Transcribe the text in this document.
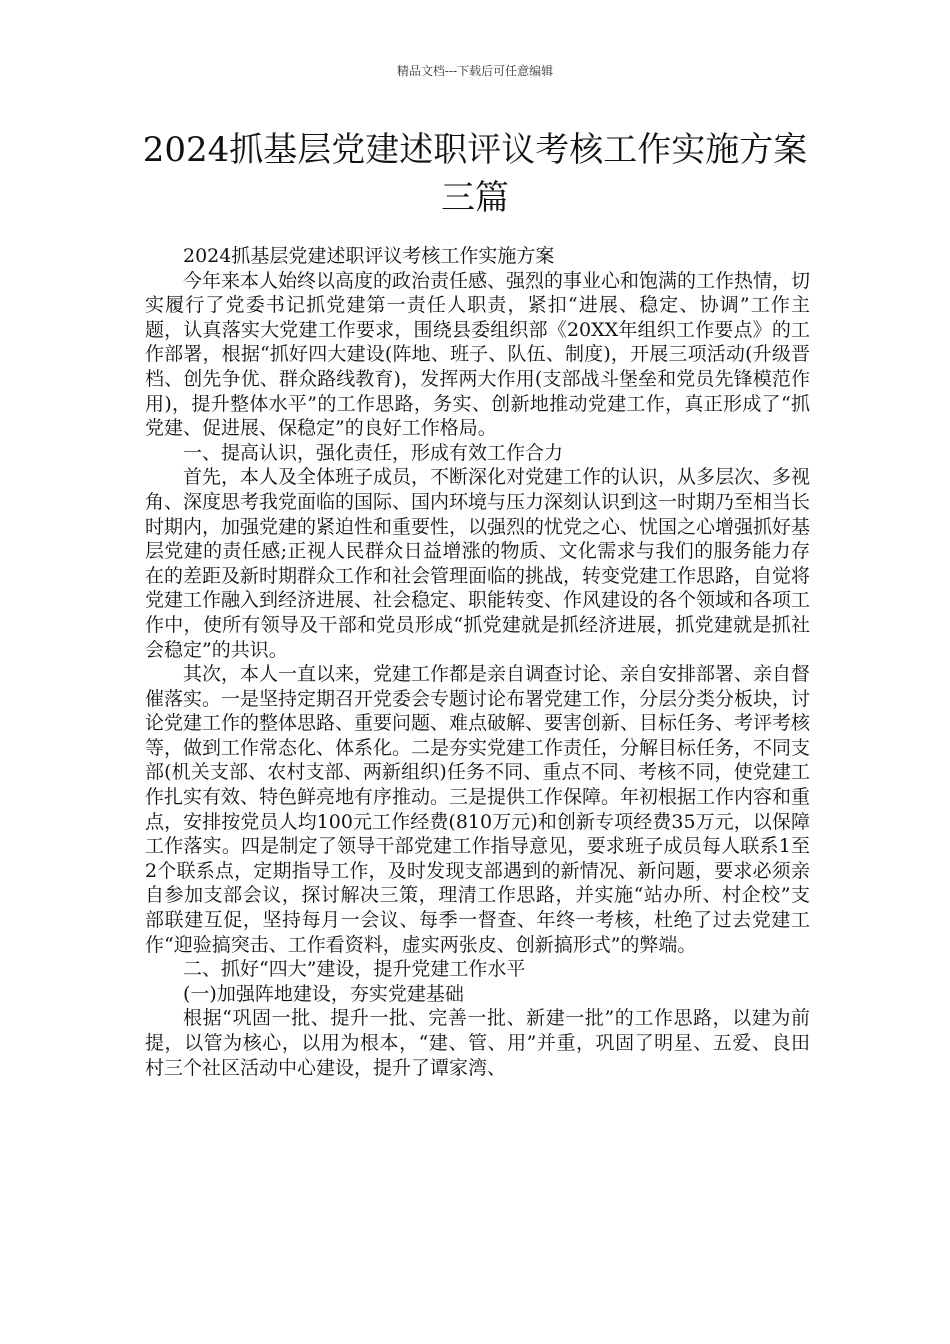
精品文档---下载后可任意编辑
2024抓基层党建述职评议考核工作实施方案三篇

2024抓基层党建述职评议考核工作实施方案

今年来本人始终以高度的政治责任感、强烈的事业心和饱满的工作热情，切实履行了党委书记抓党建第一责任人职责，紧扣“进展、稳定、协调”工作主题，认真落实大党建工作要求，围绕县委组织部《20XX年组织工作要点》的工作部署，根据“抓好四大建设(阵地、班子、队伍、制度)，开展三项活动(升级晋档、创先争优、群众路线教育)，发挥两大作用(支部战斗堡垒和党员先锋模范作用)，提升整体水平”的工作思路，务实、创新地推动党建工作，真正形成了“抓党建、促进展、保稳定”的良好工作格局。

一、提高认识，强化责任，形成有效工作合力

首先，本人及全体班子成员，不断深化对党建工作的认识，从多层次、多视角、深度思考我党面临的国际、国内环境与压力深刻认识到这一时期乃至相当长时期内，加强党建的紧迫性和重要性，以强烈的忧党之心、忧国之心增强抓好基层党建的责任感;正视人民群众日益增涨的物质、文化需求与我们的服务能力存在的差距及新时期群众工作和社会管理面临的挑战，转变党建工作思路，自觉将党建工作融入到经济进展、社会稳定、职能转变、作风建设的各个领域和各项工作中，使所有领导及干部和党员形成“抓党建就是抓经济进展，抓党建就是抓社会稳定”的共识。

其次，本人一直以来，党建工作都是亲自调查讨论、亲自安排部署、亲自督催落实。一是坚持定期召开党委会专题讨论布署党建工作，分层分类分板块，讨论党建工作的整体思路、重要问题、难点破解、要害创新、目标任务、考评考核等，做到工作常态化、体系化。二是夯实党建工作责任，分解目标任务，不同支部(机关支部、农村支部、两新组织)任务不同、重点不同、考核不同，使党建工作扎实有效、特色鲜亮地有序推动。三是提供工作保障。年初根据工作内容和重点，安排按党员人均100元工作经费(810万元)和创新专项经费35万元，以保障工作落实。四是制定了领导干部党建工作指导意见，要求班子成员每人联系1至2个联系点，定期指导工作，及时发现支部遇到的新情况、新问题，要求必须亲自参加支部会议，探讨解决三策，理清工作思路，并实施“站办所、村企校”支部联建互促，坚持每月一会议、每季一督查、年终一考核，杜绝了过去党建工作“迎验搞突击、工作看资料，虚实两张皮、创新搞形式”的弊端。

二、抓好“四大”建设，提升党建工作水平

(一)加强阵地建设，夯实党建基础

根据“巩固一批、提升一批、完善一批、新建一批”的工作思路，以建为前提，以管为核心，以用为根本，“建、管、用”并重，巩固了明星、五爱、良田村三个社区活动中心建设，提升了谭家湾、
